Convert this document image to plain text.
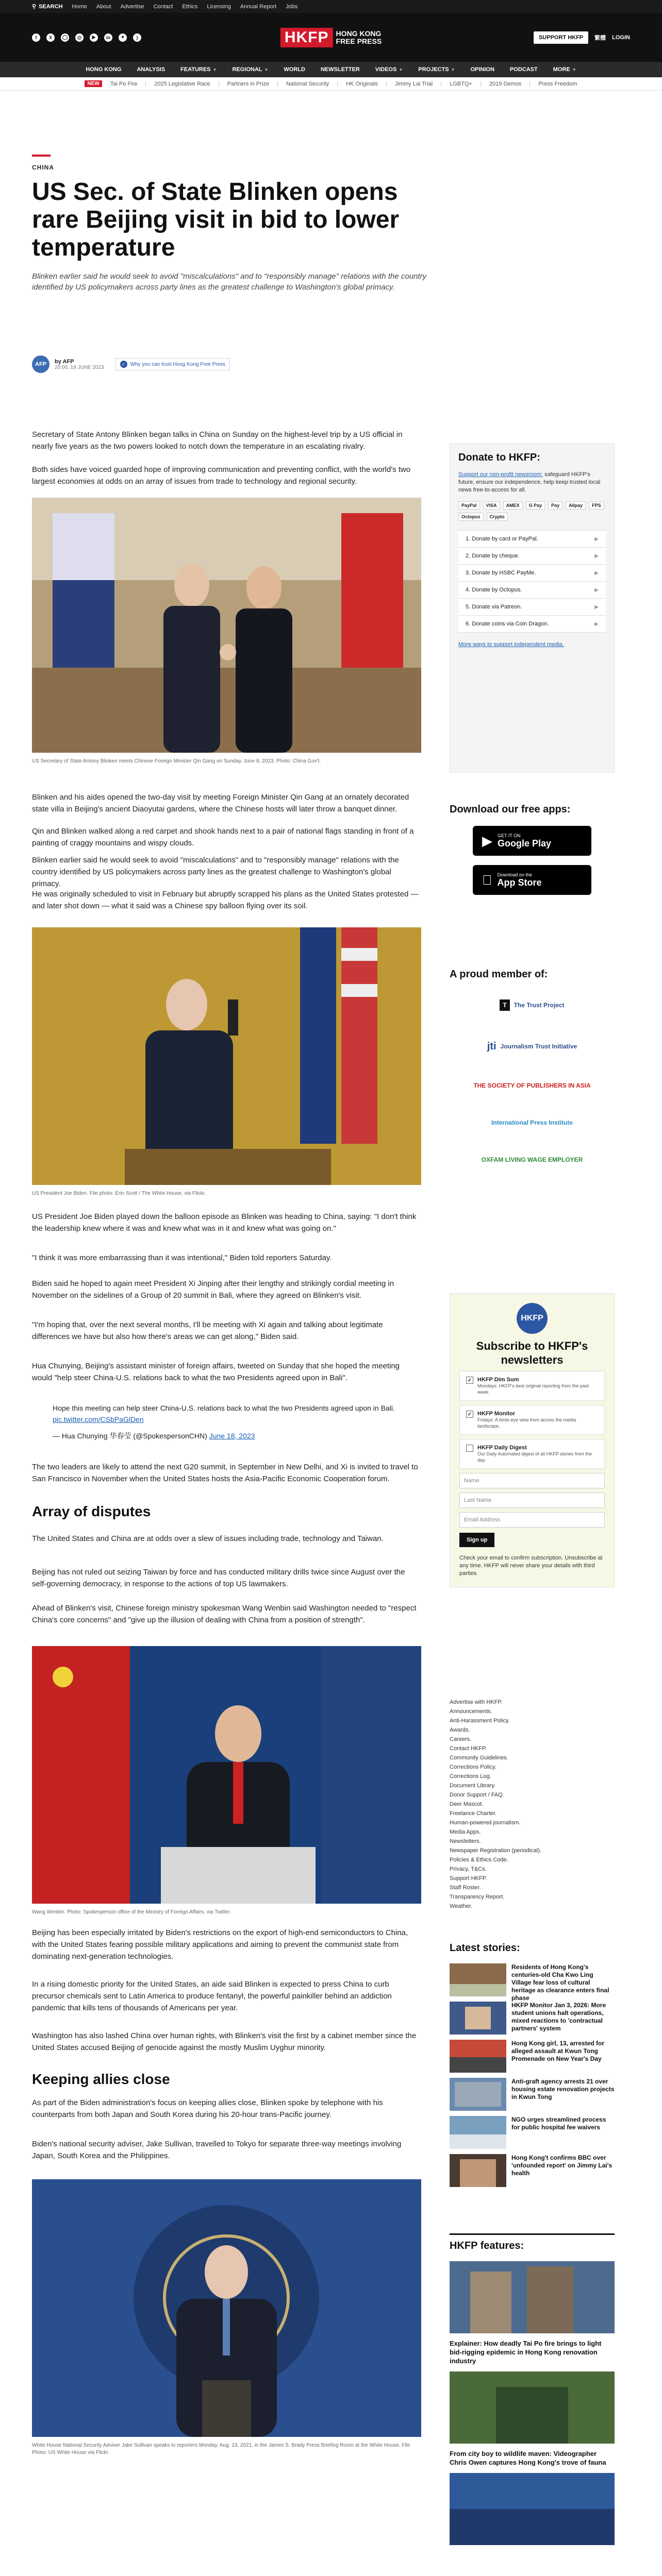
⚲ SEARCH Home About Advertise Contact Ethics Licensing Annual Report Jobs
f	X	◯	@	▶	in	✦	)	HKFP	HONG KONG
FREE PRESS	SUPPORT HKFP	繁體 LOGIN
HONG KONG	ANALYSIS	FEATURES ▼	REGIONAL ▼	WORLD	NEWSLETTER	VIDEOS ▼	PROJECTS ▼	OPINION	PODCAST	MORE ▼
NEW	Tai Po Fire	2025 Legislative Race	Partners in Prize	National Security	HK Originals	Jimmy Lai Trial	LGBTQ+	2019 Demos	Press Freedom
CHINA
US Sec. of State Blinken opens rare Beijing visit in bid to lower temperature
Blinken earlier said he would seek to avoid "miscalculations" and to "responsibly manage" relations with the country identified by US policymakers across party lines as the greatest challenge to Washington's global primacy.
AFP	by AFP
20:00, 18 JUNE 2023
✓ Why you can trust Hong Kong Free Press

Secretary of State Antony Blinken began talks in China on Sunday on the highest-level trip by a US official in nearly five years as the two powers looked to notch down the temperature in an escalating rivalry.

Both sides have voiced guarded hope of improving communication and preventing conflict, with the world's two largest economies at odds on an array of issues from trade to technology and regional security.

US Secretary of State Antony Blinken meets Chinese Foreign Minister Qin Gang on Sunday, June 8, 2023. Photo: China Gov't.

Blinken and his aides opened the two-day visit by meeting Foreign Minister Qin Gang at an ornately decorated state villa in Beijing's ancient Diaoyutai gardens, where the Chinese hosts will later throw a banquet dinner.

Qin and Blinken walked along a red carpet and shook hands next to a pair of national flags standing in front of a painting of craggy mountains and wispy clouds.

Blinken earlier said he would seek to avoid "miscalculations" and to "responsibly manage" relations with the country identified by US policymakers across party lines as the greatest challenge to Washington's global primacy.

He was originally scheduled to visit in February but abruptly scrapped his plans as the United States protested — and later shot down — what it said was a Chinese spy balloon flying over its soil.

US President Joe Biden. File photo: Erin Scott / The White House, via Flickr.

US President Joe Biden played down the balloon episode as Blinken was heading to China, saying: "I don't think the leadership knew where it was and knew what was in it and knew what was going on."

"I think it was more embarrassing than it was intentional," Biden told reporters Saturday.

Biden said he hoped to again meet President Xi Jinping after their lengthy and strikingly cordial meeting in November on the sidelines of a Group of 20 summit in Bali, where they agreed on Blinken's visit.

"I'm hoping that, over the next several months, I'll be meeting with Xi again and talking about legitimate differences we have but also how there's areas we can get along," Biden said.

Hua Chunying, Beijing's assistant minister of foreign affairs, tweeted on Sunday that she hoped the meeting would "help steer China-U.S. relations back to what the two Presidents agreed upon in Bali".

Hope this meeting can help steer China-U.S. relations back to what the two Presidents agreed upon in Bali. pic.twitter.com/CSbPaGlDen
— Hua Chunying 华春莹 (@SpokespersonCHN) June 18, 2023

The two leaders are likely to attend the next G20 summit, in September in New Delhi, and Xi is invited to travel to San Francisco in November when the United States hosts the Asia-Pacific Economic Cooperation forum.

Array of disputes

The United States and China are at odds over a slew of issues including trade, technology and Taiwan.

Beijing has not ruled out seizing Taiwan by force and has conducted military drills twice since August over the self-governing democracy, in response to the actions of top US lawmakers.

Ahead of Blinken's visit, Chinese foreign ministry spokesman Wang Wenbin said Washington needed to "respect China's core concerns" and "give up the illusion of dealing with China from a position of strength".

Wang Wenbin. Photo: Spokesperson office of the Ministry of Foreign Affairs, via Twitter.

Beijing has been especially irritated by Biden's restrictions on the export of high-end semiconductors to China, with the United States fearing possible military applications and aiming to prevent the communist state from dominating next-generation technologies.

In a rising domestic priority for the United States, an aide said Blinken is expected to press China to curb precursor chemicals sent to Latin America to produce fentanyl, the powerful painkiller behind an addiction pandemic that kills tens of thousands of Americans per year.

Washington has also lashed China over human rights, with Blinken's visit the first by a cabinet member since the United States accused Beijing of genocide against the mostly Muslim Uyghur minority.

Keeping allies close

As part of the Biden administration's focus on keeping allies close, Blinken spoke by telephone with his counterparts from both Japan and South Korea during his 20-hour trans-Pacific journey.

Biden's national security adviser, Jake Sullivan, travelled to Tokyo for separate three-way meetings involving Japan, South Korea and the Philippines.

White House National Security Adviser Jake Sullivan speaks to reporters Monday, Aug. 23, 2021, in the James S. Brady Press Briefing Room at the White House. File Photo: US White House via Flickr.
Donate to HKFP:
Support our non-profit newsroom: safeguard HKFP's future, ensure our independence, help keep trusted local news free-to-access for all.
PayPal	VISA	AMEX	G Pay	Pay	Alipay	FPS
Octopus	Crypto
1. Donate by card or PayPal.	▶
2. Donate by cheque.	▶
3. Donate by HSBC PayMe.	▶
4. Donate by Octopus.	▶
5. Donate via Patreon.	▶
6. Donate coins via Coin Dragon.	▶
More ways to support independent media.
Download our free apps:
▶ GET IT ON
Google Play
Download on the
App Store
A proud member of:
T	The Trust Project
jti Journalism Trust Initiative
THE SOCIETY OF PUBLISHERS IN ASIA
International Press Institute
OXFAM LIVING WAGE EMPLOYER
HKFP
Subscribe to HKFP's newsletters
✓ HKFP Dim Sum
Mondays: HKFP's best original reporting from the past week.
✓ HKFP Monitor
Fridays: A birds-eye view from across the media landscape.
HKFP Daily Digest
Our Daily Automated digest of all HKFP stories from the day.
Name
Last Name
Email Address
Sign up
Check your email to confirm subscription. Unsubscribe at any time. HKFP will never share your details with third parties.
Advertise with HKFP.
Announcements.
Anti-Harassment Policy.
Awards.
Careers.
Contact HKFP.
Community Guidelines.
Corrections Policy.
Corrections Log.
Document Library.
Donor Support / FAQ.
Deer Mascot.
Freelance Charter.
Human-powered journalism.
Media Apps.
Newsletters.
Newspaper Registration (periodical).
Policies & Ethics Code.
Privacy, T&Cs.
Support HKFP.
Staff Roster.
Transparency Report.
Weather.
Latest stories:
Residents of Hong Kong's centuries-old Cha Kwo Ling Village fear loss of cultural heritage as clearance enters final phase
HKFP Monitor Jan 3, 2026: More student unions halt operations, mixed reactions to 'contractual partners' system
Hong Kong girl, 13, arrested for alleged assault at Kwun Tong Promenade on New Year's Day
Anti-graft agency arrests 21 over housing estate renovation projects in Kwun Tong
NGO urges streamlined process for public hospital fee waivers
Hong Kong't confirms BBC over 'unfounded report' on Jimmy Lai's health
HKFP features:
Explainer: How deadly Tai Po fire brings to light bid-rigging epidemic in Hong Kong renovation industry
From city boy to wildlife maven: Videographer Chris Owen captures Hong Kong's trove of fauna
